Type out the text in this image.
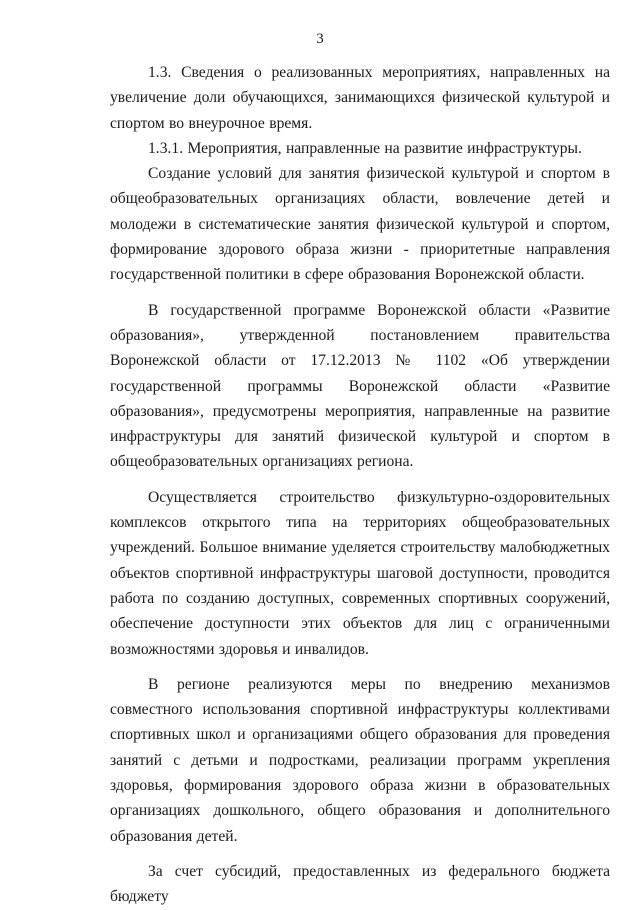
3

1.3. Сведения о реализованных мероприятиях, направленных на увеличение доли обучающихся, занимающихся физической культурой и спортом во внеурочное время.

1.3.1. Мероприятия, направленные на развитие инфраструктуры.

Создание условий для занятия физической культурой и спортом в общеобразовательных организациях области, вовлечение детей и молодежи в систематические занятия физической культурой и спортом, формирование здорового образа жизни - приоритетные направления государственной политики в сфере образования Воронежской области.

В государственной программе Воронежской области «Развитие образования», утвержденной постановлением правительства Воронежской области от 17.12.2013 № 1102 «Об утверждении государственной программы Воронежской области «Развитие образования», предусмотрены мероприятия, направленные на развитие инфраструктуры для занятий физической культурой и спортом в общеобразовательных организациях региона.

Осуществляется строительство физкультурно-оздоровительных комплексов открытого типа на территориях общеобразовательных учреждений. Большое внимание уделяется строительству малобюджетных объектов спортивной инфраструктуры шаговой доступности, проводится работа по созданию доступных, современных спортивных сооружений, обеспечение доступности этих объектов для лиц с ограниченными возможностями здоровья и инвалидов.

В регионе реализуются меры по внедрению механизмов совместного использования спортивной инфраструктуры коллективами спортивных школ и организациями общего образования для проведения занятий с детьми и подростками, реализации программ укрепления здоровья, формирования здорового образа жизни в образовательных организациях дошкольного, общего образования и дополнительного образования детей.

За счет субсидий, предоставленных из федерального бюджета бюджету
